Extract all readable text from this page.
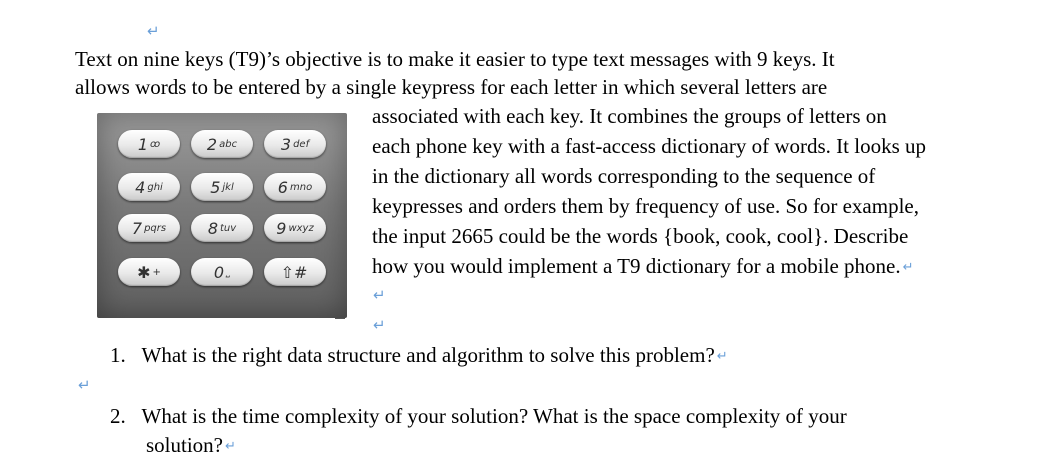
↵
Text on nine keys (T9)’s objective is to make it easier to type text messages with 9 keys. It
allows words to be entered by a single keypress for each letter in which several letters are
associated with each key. It combines the groups of letters on
each phone key with a fast-access dictionary of words. It looks up
in the dictionary all words corresponding to the sequence of
keypresses and orders them by frequency of use. So for example,
the input 2665 could be the words {book, cook, cool}. Describe
how you would implement a T9 dictionary for a mobile phone. ↵
↵
↵
1 ꝏ	2 abc	3 def
4 ghi	5 jkl	6 mno
7 pqrs	8 tuv	9 wxyz
✱ +	0 ⎵	⇧#
1. What is the right data structure and algorithm to solve this problem? ↵
↵
2. What is the time complexity of your solution? What is the space complexity of your
solution? ↵
